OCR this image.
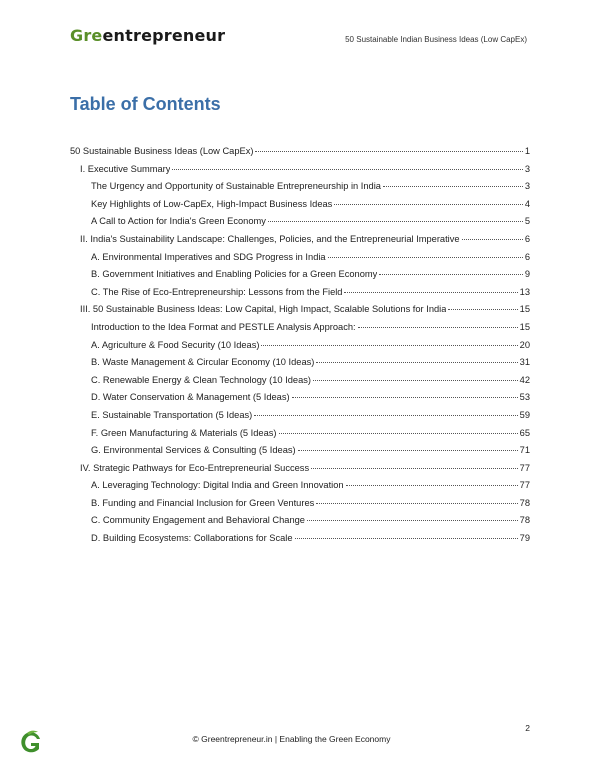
Greentrepreneur	50 Sustainable Indian Business Ideas (Low CapEx)
Table of Contents
50 Sustainable Business Ideas (Low CapEx)	1
I. Executive Summary	3
The Urgency and Opportunity of Sustainable Entrepreneurship in India	3
Key Highlights of Low-CapEx, High-Impact Business Ideas	4
A Call to Action for India's Green Economy	5
II. India's Sustainability Landscape: Challenges, Policies, and the Entrepreneurial Imperative	6
A. Environmental Imperatives and SDG Progress in India	6
B. Government Initiatives and Enabling Policies for a Green Economy	9
C. The Rise of Eco-Entrepreneurship: Lessons from the Field	13
III. 50 Sustainable Business Ideas: Low Capital, High Impact, Scalable Solutions for India	15
Introduction to the Idea Format and PESTLE Analysis Approach:	15
A. Agriculture & Food Security (10 Ideas)	20
B. Waste Management & Circular Economy (10 Ideas)	31
C. Renewable Energy & Clean Technology (10 Ideas)	42
D. Water Conservation & Management (5 Ideas)	53
E. Sustainable Transportation (5 Ideas)	59
F. Green Manufacturing & Materials (5 Ideas)	65
G. Environmental Services & Consulting (5 Ideas)	71
IV. Strategic Pathways for Eco-Entrepreneurial Success	77
A. Leveraging Technology: Digital India and Green Innovation	77
B. Funding and Financial Inclusion for Green Ventures	78
C. Community Engagement and Behavioral Change	78
D. Building Ecosystems: Collaborations for Scale	79
2
© Greentrepreneur.in | Enabling the Green Economy
